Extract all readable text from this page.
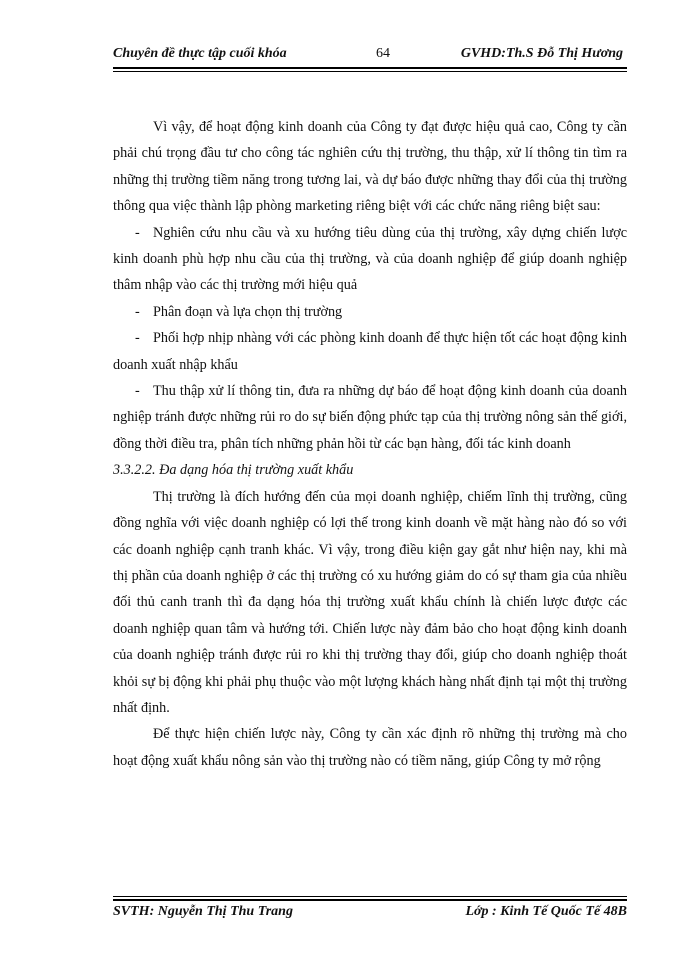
Chuyên đề thực tập cuối khóa	64	GVHD:Th.S Đỗ Thị Hương

Vì vậy, để hoạt động kinh doanh của Công ty đạt được hiệu quả cao, Công ty cần phải chú trọng đầu tư cho công tác nghiên cứu thị trường, thu thập, xử lí thông tin tìm ra những thị trường tiềm năng trong tương lai, và dự báo được những thay đổi của thị trường thông qua việc thành lập phòng marketing riêng biệt với các chức năng riêng biệt sau:

- Nghiên cứu nhu cầu và xu hướng tiêu dùng của thị trường, xây dựng chiến lược kinh doanh phù hợp nhu cầu của thị trường, và của doanh nghiệp để giúp doanh nghiệp thâm nhập vào các thị trường mới hiệu quả

- Phân đoạn và lựa chọn thị trường

- Phối hợp nhịp nhàng với các phòng kinh doanh để thực hiện tốt các hoạt động kinh doanh xuất nhập khẩu

- Thu thập xử lí thông tin, đưa ra những dự báo để hoạt động kinh doanh của doanh nghiệp tránh được những rủi ro do sự biến động phức tạp của thị trường nông sản thế giới, đồng thời điều tra, phân tích những phản hồi từ các bạn hàng, đối tác kinh doanh

3.3.2.2. Đa dạng hóa thị trường xuất khẩu

Thị trường là đích hướng đến của mọi doanh nghiệp, chiếm lĩnh thị trường, cũng đồng nghĩa với việc doanh nghiệp có lợi thế trong kinh doanh về mặt hàng nào đó so với các doanh nghiệp cạnh tranh khác. Vì vậy, trong điều kiện gay gắt như hiện nay, khi mà thị phần của doanh nghiệp ở các thị trường có xu hướng giảm do có sự tham gia của nhiều đối thủ canh tranh thì đa dạng hóa thị trường xuất khẩu chính là chiến lược được các doanh nghiệp quan tâm và hướng tới. Chiến lược này đảm bảo cho hoạt động kinh doanh của doanh nghiệp tránh được rủi ro khi thị trường thay đổi, giúp cho doanh nghiệp thoát khỏi sự bị động khi phải phụ thuộc vào một lượng khách hàng nhất định tại một thị trường nhất định.

Để thực hiện chiến lược này, Công ty cần xác định rõ những thị trường mà cho hoạt động xuất khẩu nông sản vào thị trường nào có tiềm năng, giúp Công ty mở rộng

SVTH: Nguyễn Thị Thu Trang	Lớp : Kinh Tế Quốc Tế 48B
